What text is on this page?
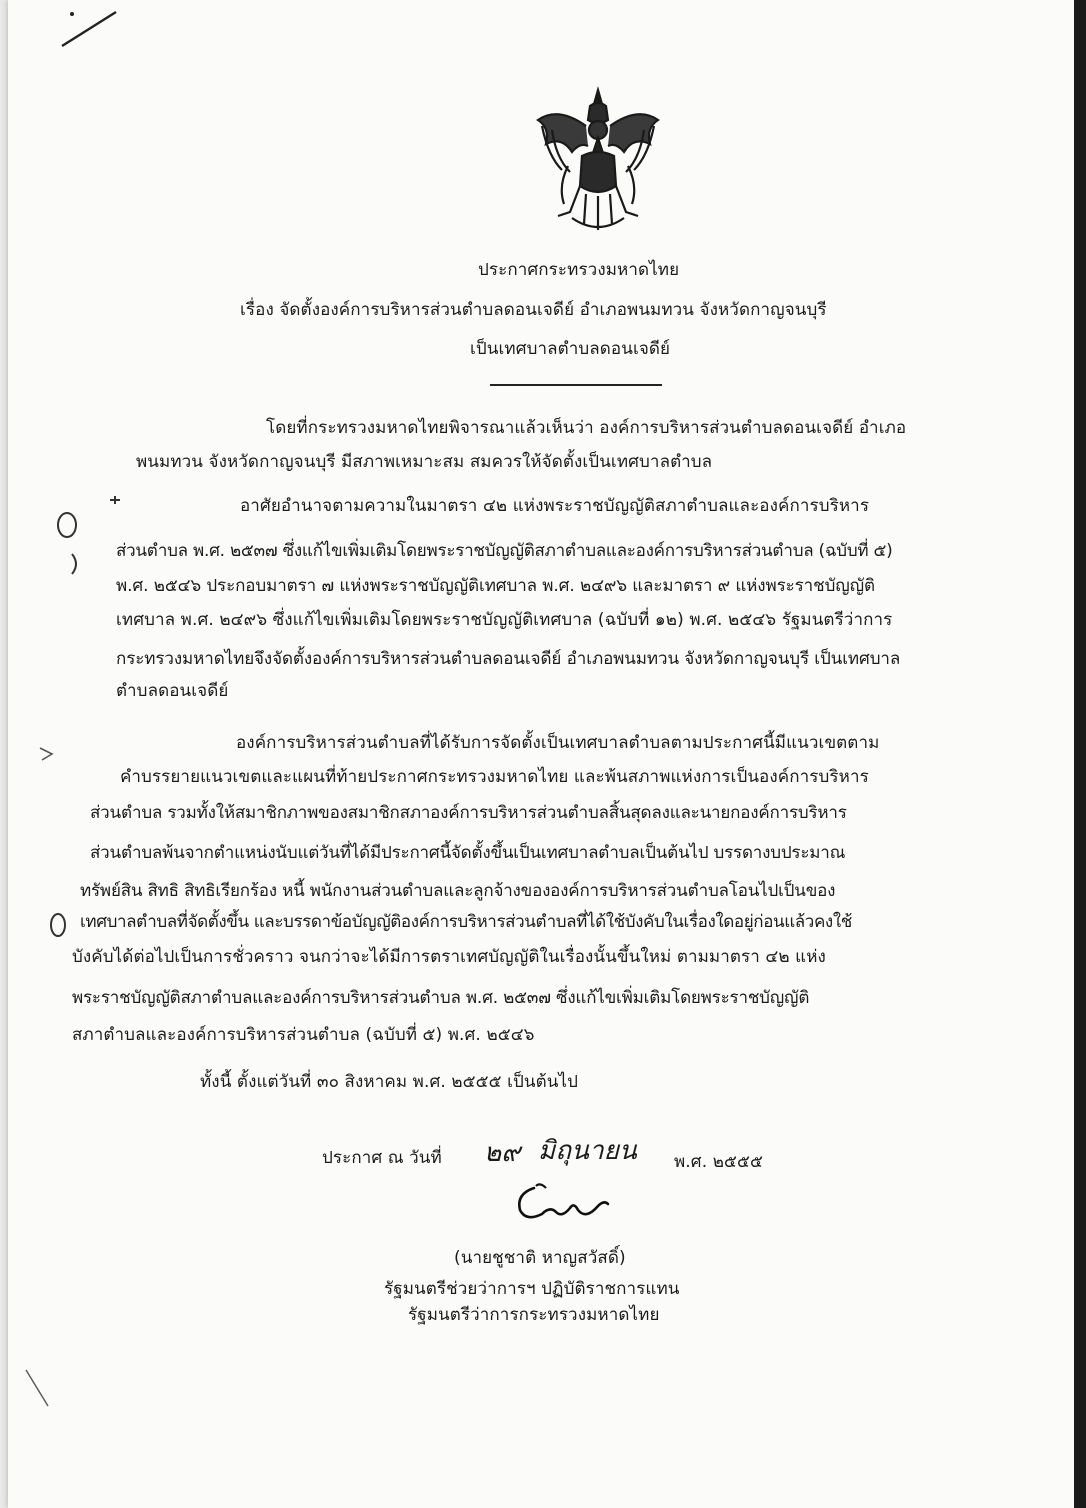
ประกาศกระทรวงมหาดไทย
เรื่อง จัดตั้งองค์การบริหารส่วนตำบลดอนเจดีย์ อำเภอพนมทวน จังหวัดกาญจนบุรี
เป็นเทศบาลตำบลดอนเจดีย์
โดยที่กระทรวงมหาดไทยพิจารณาแล้วเห็นว่า องค์การบริหารส่วนตำบลดอนเจดีย์ อำเภอ
พนมทวน จังหวัดกาญจนบุรี มีสภาพเหมาะสม สมควรให้จัดตั้งเป็นเทศบาลตำบล
อาศัยอำนาจตามความในมาตรา ๔๒ แห่งพระราชบัญญัติสภาตำบลและองค์การบริหาร
ส่วนตำบล พ.ศ. ๒๕๓๗ ซึ่งแก้ไขเพิ่มเติมโดยพระราชบัญญัติสภาตำบลและองค์การบริหารส่วนตำบล (ฉบับที่ ๕)
พ.ศ. ๒๕๔๖ ประกอบมาตรา ๗ แห่งพระราชบัญญัติเทศบาล พ.ศ. ๒๔๙๖ และมาตรา ๙ แห่งพระราชบัญญัติ
เทศบาล พ.ศ. ๒๔๙๖ ซึ่งแก้ไขเพิ่มเติมโดยพระราชบัญญัติเทศบาล (ฉบับที่ ๑๒) พ.ศ. ๒๕๔๖ รัฐมนตรีว่าการ
กระทรวงมหาดไทยจึงจัดตั้งองค์การบริหารส่วนตำบลดอนเจดีย์ อำเภอพนมทวน จังหวัดกาญจนบุรี เป็นเทศบาล
ตำบลดอนเจดีย์
องค์การบริหารส่วนตำบลที่ได้รับการจัดตั้งเป็นเทศบาลตำบลตามประกาศนี้มีแนวเขตตาม
คำบรรยายแนวเขตและแผนที่ท้ายประกาศกระทรวงมหาดไทย และพ้นสภาพแห่งการเป็นองค์การบริหาร
ส่วนตำบล รวมทั้งให้สมาชิกภาพของสมาชิกสภาองค์การบริหารส่วนตำบลสิ้นสุดลงและนายกองค์การบริหาร
ส่วนตำบลพ้นจากตำแหน่งนับแต่วันที่ได้มีประกาศนี้จัดตั้งขึ้นเป็นเทศบาลตำบลเป็นต้นไป บรรดางบประมาณ
ทรัพย์สิน สิทธิ สิทธิเรียกร้อง หนี้ พนักงานส่วนตำบลและลูกจ้างขององค์การบริหารส่วนตำบลโอนไปเป็นของ
เทศบาลตำบลที่จัดตั้งขึ้น และบรรดาข้อบัญญัติองค์การบริหารส่วนตำบลที่ได้ใช้บังคับในเรื่องใดอยู่ก่อนแล้วคงใช้
บังคับได้ต่อไปเป็นการชั่วคราว จนกว่าจะได้มีการตราเทศบัญญัติในเรื่องนั้นขึ้นใหม่ ตามมาตรา ๔๒ แห่ง
พระราชบัญญัติสภาตำบลและองค์การบริหารส่วนตำบล พ.ศ. ๒๕๓๗ ซึ่งแก้ไขเพิ่มเติมโดยพระราชบัญญัติ
สภาตำบลและองค์การบริหารส่วนตำบล (ฉบับที่ ๕) พ.ศ. ๒๕๔๖
ทั้งนี้ ตั้งแต่วันที่ ๓๐ สิงหาคม พ.ศ. ๒๕๕๕ เป็นต้นไป
ประกาศ ณ วันที่ ๒๙ มิถุนายน พ.ศ. ๒๕๕๕
(นายชูชาติ หาญสวัสดิ์)
รัฐมนตรีช่วยว่าการฯ ปฏิบัติราชการแทน
รัฐมนตรีว่าการกระทรวงมหาดไทย
